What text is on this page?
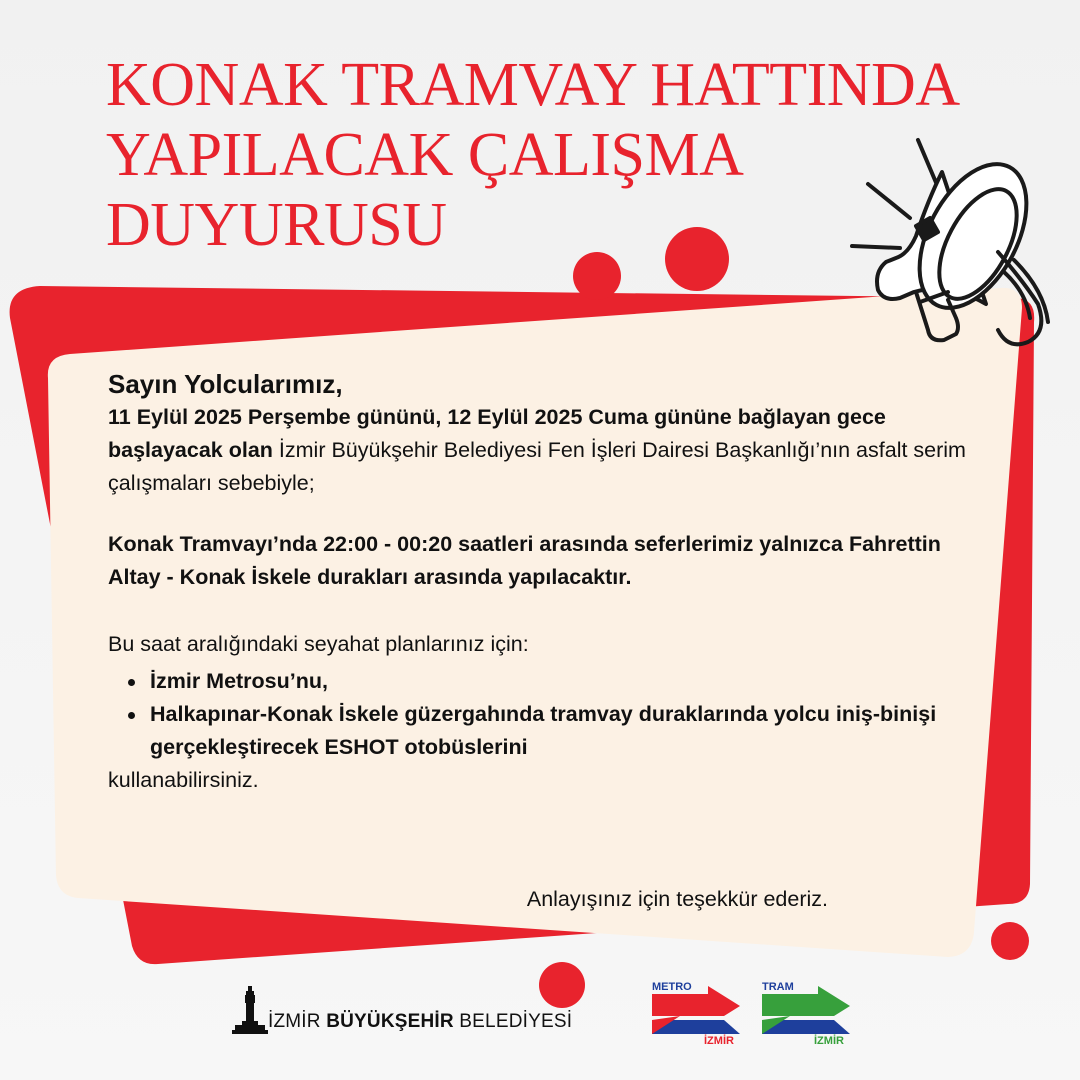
KONAK TRAMVAY HATTINDA
YAPILACAK ÇALIŞMA
DUYURUSU

Sayın Yolcularımız,

11 Eylül 2025 Perşembe gününü, 12 Eylül 2025 Cuma gününe bağlayan gece başlayacak olan İzmir Büyükşehir Belediyesi Fen İşleri Dairesi Başkanlığı’nın asfalt serim çalışmaları sebebiyle;

Konak Tramvayı’nda 22:00 - 00:20 saatleri arasında seferlerimiz yalnızca Fahrettin Altay - Konak İskele durakları arasında yapılacaktır.

Bu saat aralığındaki seyahat planlarınız için:

İzmir Metrosu’nu,
Halkapınar-Konak İskele güzergahında tramvay duraklarında yolcu iniş-binişi gerçekleştirecek ESHOT otobüslerini

kullanabilirsiniz.

Anlayışınız için teşekkür ederiz.

İZMİR BÜYÜKŞEHİR BELEDİYESİ
METRO
İZMİR
TRAM
İZMİR
